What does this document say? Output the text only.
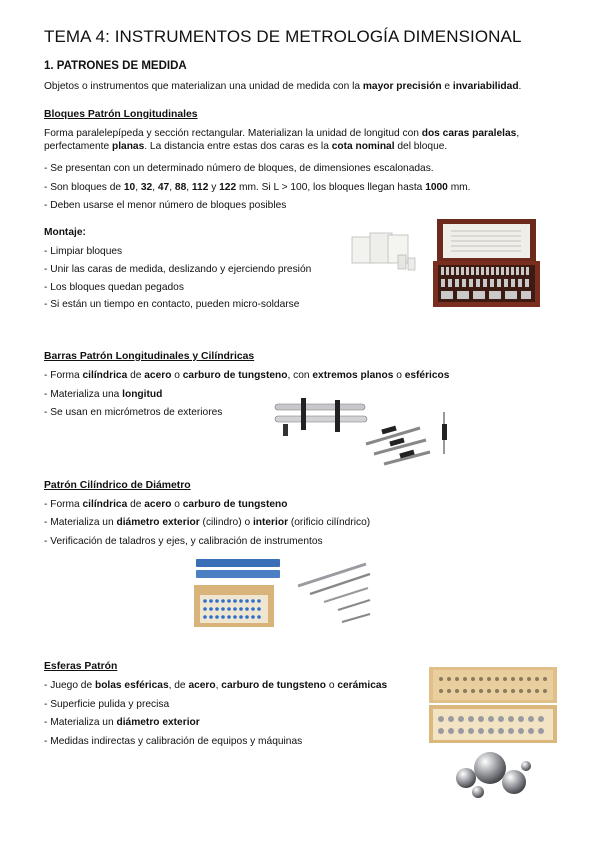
TEMA 4: INSTRUMENTOS DE METROLOGÍA DIMENSIONAL
1. PATRONES DE MEDIDA
Objetos o instrumentos que materializan una unidad de medida con la mayor precisión e invariabilidad.
Bloques Patrón Longitudinales
Forma paralelepípeda y sección rectangular. Materializan la unidad de longitud con dos caras paralelas,
perfectamente planas. La distancia entre estas dos caras es la cota nominal del bloque.
- Se presentan con un determinado número de bloques, de dimensiones escalonadas.
- Son bloques de 10, 32, 47, 88, 112 y 122 mm. Si L > 100, los bloques llegan hasta 1000 mm.
- Deben usarse el menor número de bloques posibles
Montaje:
- Limpiar bloques
- Unir las caras de medida, deslizando y ejerciendo presión
- Los bloques quedan pegados
- Si están un tiempo en contacto, pueden micro-soldarse
Barras Patrón Longitudinales y Cilíndricas
- Forma cilíndrica de acero o carburo de tungsteno, con extremos planos o esféricos
- Materializa una longitud
- Se usan en micrómetros de exteriores
Patrón Cilíndrico de Diámetro
- Forma cilíndrica de acero o carburo de tungsteno
- Materializa un diámetro exterior (cilindro) o interior (orificio cilíndrico)
- Verificación de taladros y ejes, y calibración de instrumentos
Esferas Patrón
- Juego de bolas esféricas, de acero, carburo de tungsteno o cerámicas
- Superficie pulida y precisa
- Materializa un diámetro exterior
- Medidas indirectas y calibración de equipos y máquinas
